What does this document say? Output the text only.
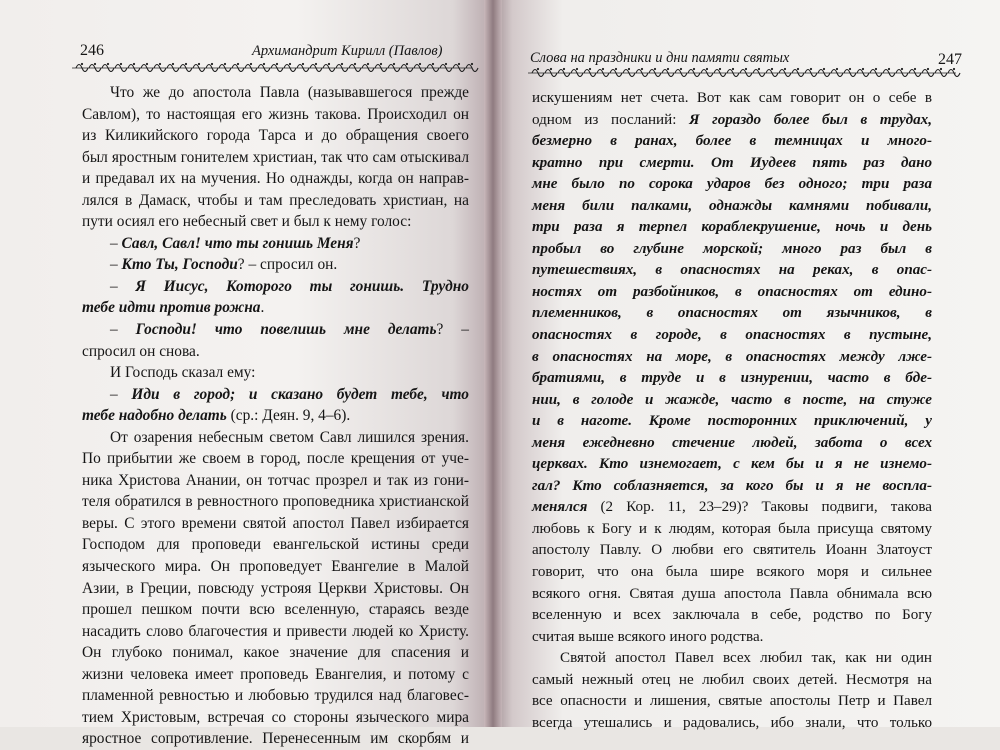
246	Архимандрит Кирилл (Павлов)
Что же до апостола Павла (называвшегося прежде
Савлом), то настоящая его жизнь такова. Происходил он
из Киликийского города Тарса и до обращения своего
был яростным гонителем христиан, так что сам отыскивал
и предавал их на мучения. Но однажды, когда он направ-
лялся в Дамаск, чтобы и там преследовать христиан, на
пути осиял его небесный свет и был к нему голос:
– Савл, Савл! что ты гонишь Меня?
– Кто Ты, Господи? – спросил он.
– Я Иисус, Которого ты гонишь. Трудно
тебе идти против рожна.
– Господи! что повелишь мне делать? –
спросил он снова.
И Господь сказал ему:
– Иди в город; и сказано будет тебе, что
тебе надобно делать (ср.: Деян. 9, 4–6).
От озарения небесным светом Савл лишился зрения.
По прибытии же своем в город, после крещения от уче-
ника Христова Анании, он тотчас прозрел и так из гони-
теля обратился в ревностного проповедника христианской
веры. С этого времени святой апостол Павел избирается
Господом для проповеди евангельской истины среди
языческого мира. Он проповедует Евангелие в Малой
Азии, в Греции, повсюду устрояя Церкви Христовы. Он
прошел пешком почти всю вселенную, стараясь везде
насадить слово благочестия и привести людей ко Христу.
Он глубоко понимал, какое значение для спасения и
жизни человека имеет проповедь Евангелия, и потому с
пламенной ревностью и любовью трудился над благовес-
тием Христовым, встречая со стороны языческого мира
яростное сопротивление. Перенесенным им скорбям и
Слова на праздники и дни памяти святых	247
искушениям нет счета. Вот как сам говорит он о себе в
одном из посланий: Я гораздо более был в трудах,
безмерно в ранах, более в темницах и много-
кратно при смерти. От Иудеев пять раз дано
мне было по сорока ударов без одного; три раза
меня били палками, однажды камнями побивали,
три раза я терпел кораблекрушение, ночь и день
пробыл во глубине морской; много раз был в
путешествиях, в опасностях на реках, в опас-
ностях от разбойников, в опасностях от едино-
племенников, в опасностях от язычников, в
опасностях в городе, в опасностях в пустыне,
в опасностях на море, в опасностях между лже-
братиями, в труде и в изнурении, часто в бде-
нии, в голоде и жажде, часто в посте, на стуже
и в наготе. Кроме посторонних приключений, у
меня ежедневно стечение людей, забота о всех
церквах. Кто изнемогает, с кем бы и я не изнемо-
гал? Кто соблазняется, за кого бы и я не воспла-
менялся (2 Кор. 11, 23–29)? Таковы подвиги, такова
любовь к Богу и к людям, которая была присуща святому
апостолу Павлу. О любви его святитель Иоанн Златоуст
говорит, что она была шире всякого моря и сильнее
всякого огня. Святая душа апостола Павла обнимала всю
вселенную и всех заключала в себе, родство по Богу
считая выше всякого иного родства.
Святой апостол Павел всех любил так, как ни один
самый нежный отец не любил своих детей. Несмотря на
все опасности и лишения, святые апостолы Петр и Павел
всегда утешались и радовались, ибо знали, что только
